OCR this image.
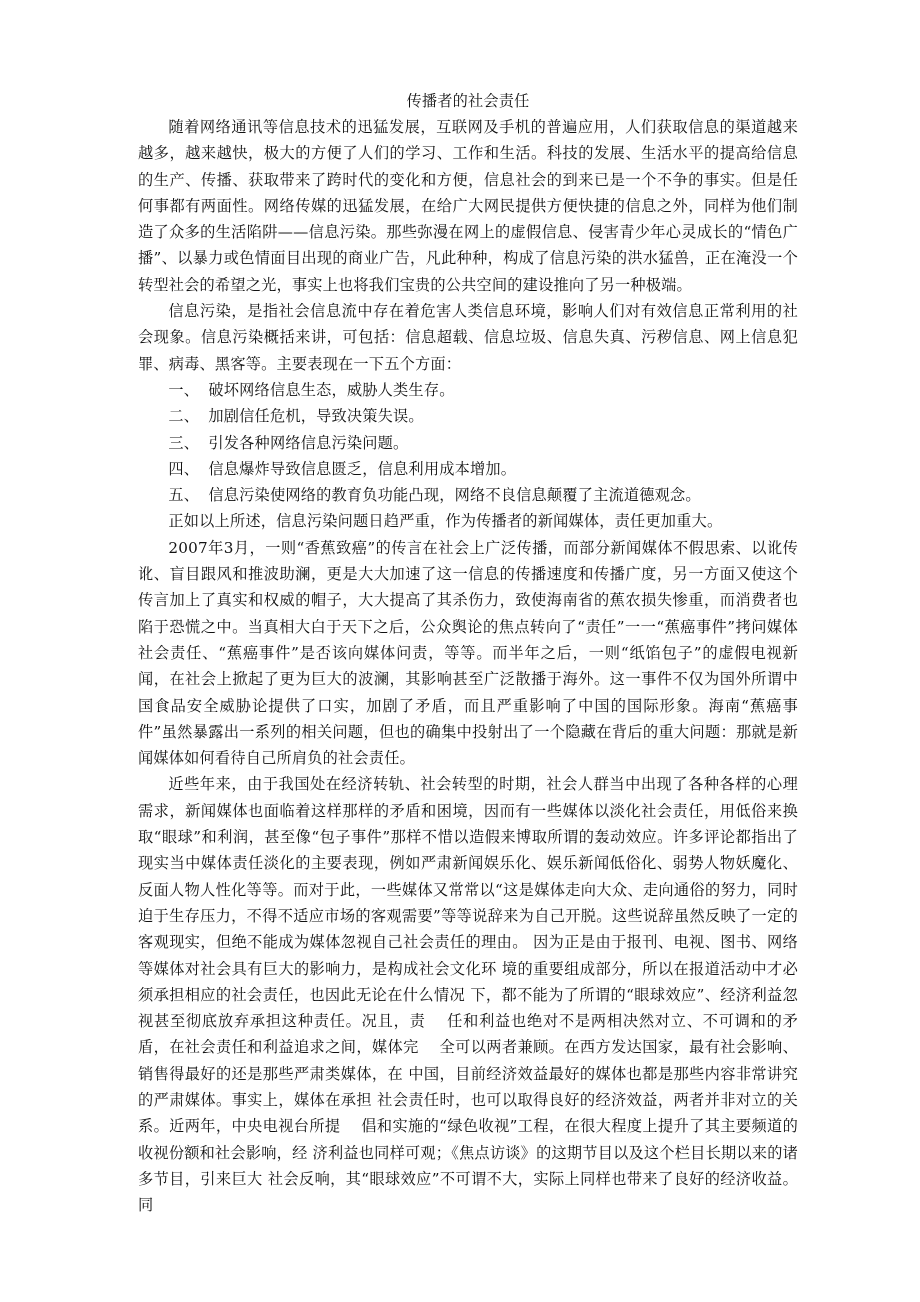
传播者的社会责任

随着网络通讯等信息技术的迅猛发展，互联网及手机的普遍应用，人们获取信息的渠道越来越多，越来越快，极大的方便了人们的学习、工作和生活。科技的发展、生活水平的提高给信息的生产、传播、获取带来了跨时代的变化和方便，信息社会的到来已是一个不争的事实。但是任何事都有两面性。网络传媒的迅猛发展，在给广大网民提供方便快捷的信息之外，同样为他们制造了众多的生活陷阱——信息污染。那些弥漫在网上的虚假信息、侵害青少年心灵成长的“情色广播”、以暴力或色情面目出现的商业广告，凡此种种，构成了信息污染的洪水猛兽，正在淹没一个转型社会的希望之光，事实上也将我们宝贵的公共空间的建设推向了另一种极端。

信息污染，是指社会信息流中存在着危害人类信息环境，影响人们对有效信息正常利用的社会现象。信息污染概括来讲，可包括：信息超载、信息垃圾、信息失真、污秽信息、网上信息犯罪、病毒、黑客等。主要表现在一下五个方面：

一、 破坏网络信息生态，威胁人类生存。
二、 加剧信任危机，导致决策失误。
三、 引发各种网络信息污染问题。
四、 信息爆炸导致信息匮乏，信息利用成本增加。
五、 信息污染使网络的教育负功能凸现，网络不良信息颠覆了主流道德观念。

正如以上所述，信息污染问题日趋严重，作为传播者的新闻媒体，责任更加重大。

2007年3月，一则“香蕉致癌”的传言在社会上广泛传播，而部分新闻媒体不假思索、以讹传讹、盲目跟风和推波助澜，更是大大加速了这一信息的传播速度和传播广度，另一方面又使这个传言加上了真实和权威的帽子，大大提高了其杀伤力，致使海南省的蕉农损失惨重，而消费者也陷于恐慌之中。当真相大白于天下之后，公众舆论的焦点转向了“责任”一一“蕉癌事件”拷问媒体社会责任、“蕉癌事件”是否该向媒体问责，等等。而半年之后，一则“纸馅包子”的虚假电视新闻，在社会上掀起了更为巨大的波澜，其影响甚至广泛散播于海外。这一事件不仅为国外所谓中国食品安全威胁论提供了口实，加剧了矛盾，而且严重影响了中国的国际形象。海南“蕉癌事件”虽然暴露出一系列的相关问题，但也的确集中投射出了一个隐藏在背后的重大问题：那就是新闻媒体如何看待自己所肩负的社会责任。

近些年来，由于我国处在经济转轨、社会转型的时期，社会人群当中出现了各种各样的心理需求，新闻媒体也面临着这样那样的矛盾和困境，因而有一些媒体以淡化社会责任，用低俗来换取“眼球”和利润，甚至像“包子事件”那样不惜以造假来博取所谓的轰动效应。许多评论都指出了现实当中媒体责任淡化的主要表现，例如严肃新闻娱乐化、娱乐新闻低俗化、弱势人物妖魔化、反面人物人性化等等。而对于此，一些媒体又常常以“这是媒体走向大众、走向通俗的努力，同时迫于生存压力，不得不适应市场的客观需要”等等说辞来为自己开脱。这些说辞虽然反映了一定的客观现实，但绝不能成为媒体忽视自己社会责任的理由。 因为正是由于报刊、电视、图书、网络等媒体对社会具有巨大的影响力，是构成社会文化环 境的重要组成部分，所以在报道活动中才必须承担相应的社会责任，也因此无论在什么情况 下，都不能为了所谓的“眼球效应”、经济利益忽视甚至彻底放弃承担这种责任。况且，责　 任和利益也绝对不是两相决然对立、不可调和的矛盾，在社会责任和利益追求之间，媒体完　 全可以两者兼顾。在西方发达国家，最有社会影响、销售得最好的还是那些严肃类媒体，在 中国，目前经济效益最好的媒体也都是那些内容非常讲究的严肃媒体。事实上，媒体在承担 社会责任时，也可以取得良好的经济效益，两者并非对立的关系。近两年，中央电视台所提　 倡和实施的“绿色收视”工程，在很大程度上提升了其主要频道的收视份额和社会影响，经 济利益也同样可观；《焦点访谈》的这期节目以及这个栏目长期以来的诸多节目，引来巨大 社会反响，其“眼球效应”不可谓不大，实际上同样也带来了良好的经济收益。同
